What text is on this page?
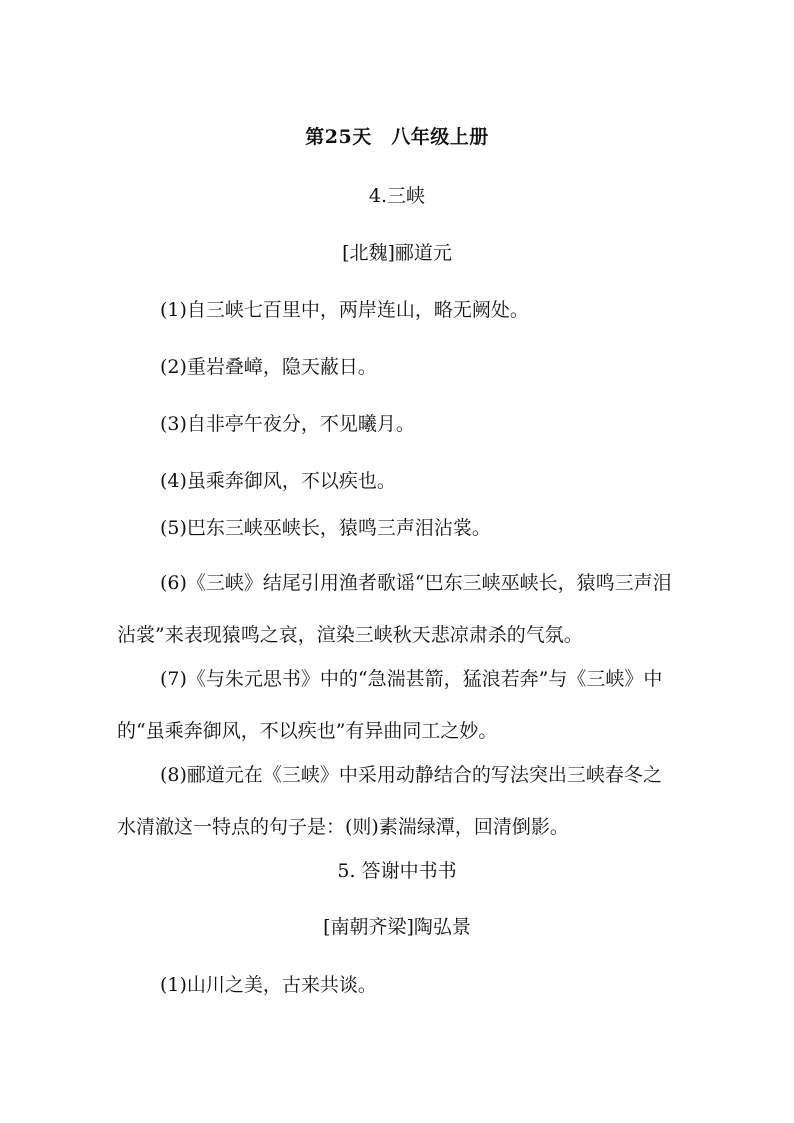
第25天　八年级上册
4.三峡
[北魏]郦道元
(1)自三峡七百里中，两岸连山，略无阙处。
(2)重岩叠嶂，隐天蔽日。
(3)自非亭午夜分，不见曦月。
(4)虽乘奔御风，不以疾也。
(5)巴东三峡巫峡长，猿鸣三声泪沾裳。
(6)《三峡》结尾引用渔者歌谣“巴东三峡巫峡长，猿鸣三声泪沾裳”来表现猿鸣之哀，渲染三峡秋天悲凉肃杀的气氛。
(7)《与朱元思书》中的“急湍甚箭，猛浪若奔”与《三峡》中的“虽乘奔御风，不以疾也”有异曲同工之妙。
(8)郦道元在《三峡》中采用动静结合的写法突出三峡春冬之水清澈这一特点的句子是：(则)素湍绿潭，回清倒影。
5. 答谢中书书
[南朝齐梁]陶弘景
(1)山川之美，古来共谈。
